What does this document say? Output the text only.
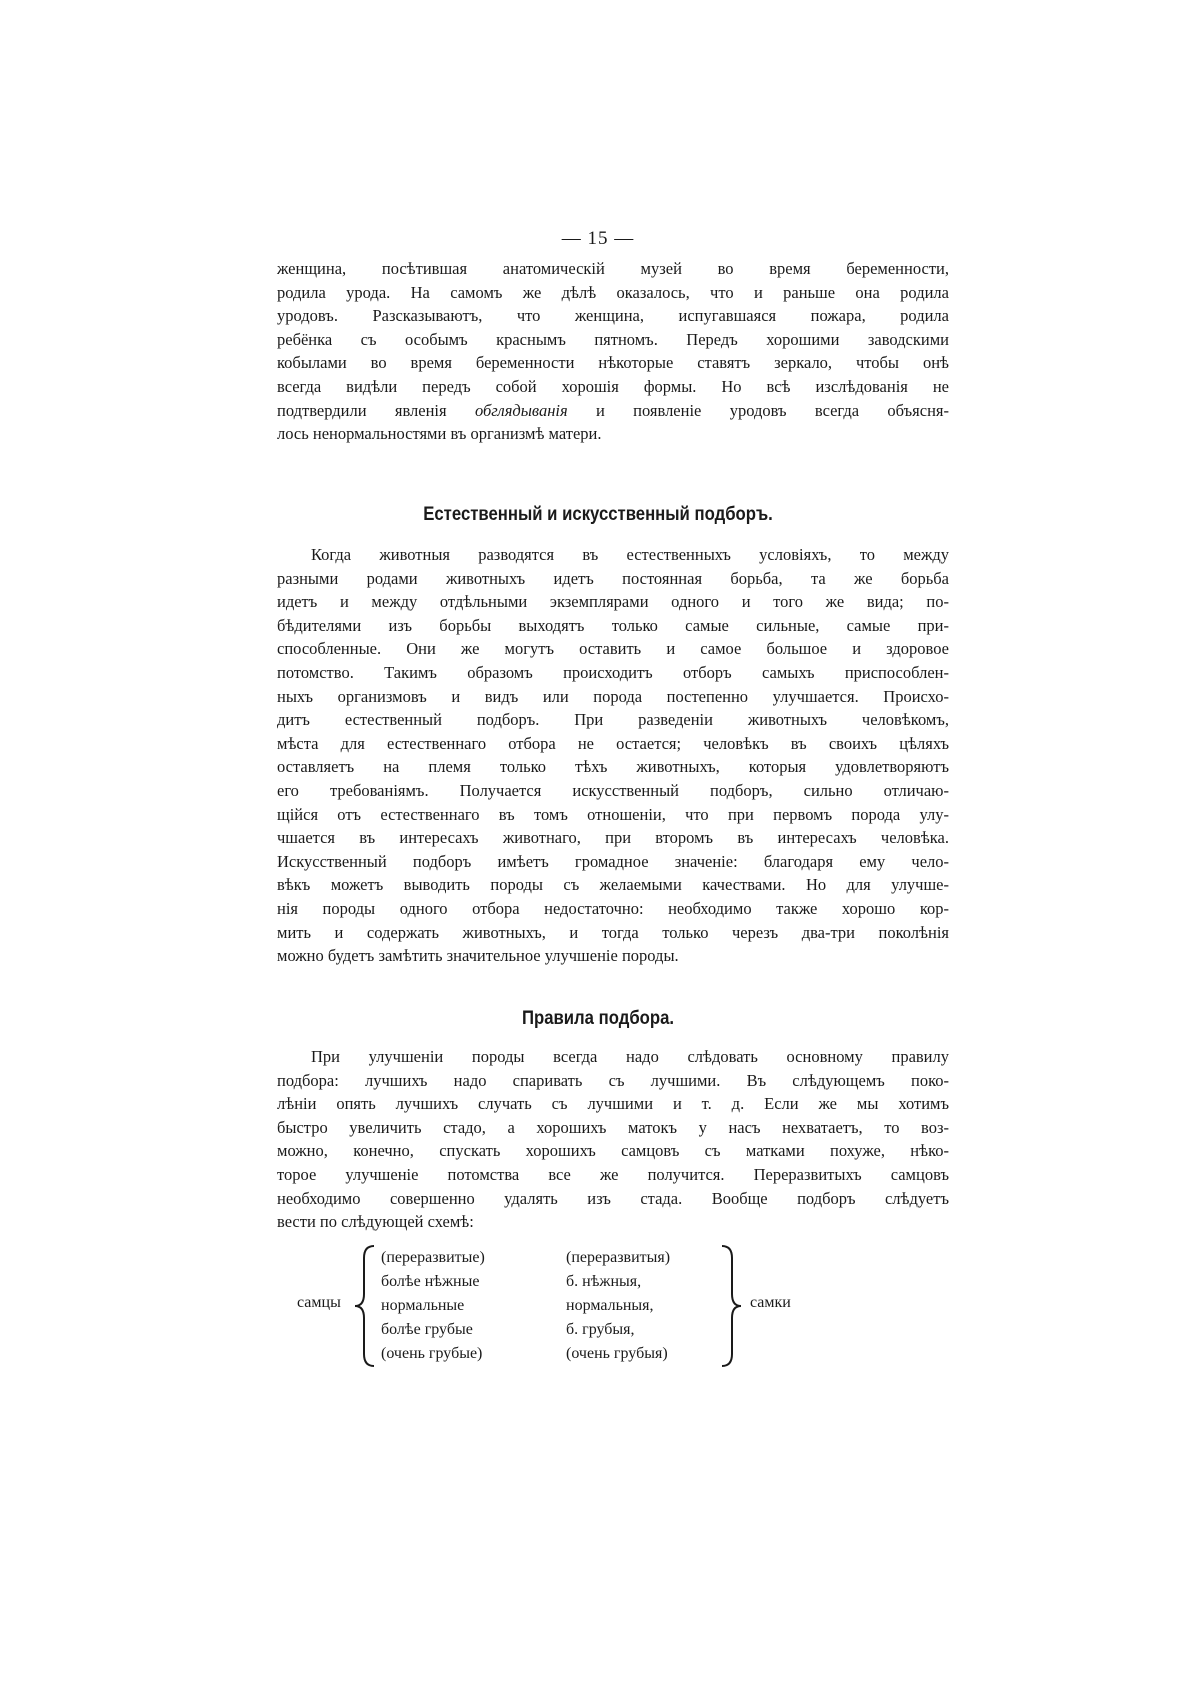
— 15 —
женщина, посѣтившая анатомическій музей во время беременности,
родила урода. На самомъ же дѣлѣ оказалось, что и раньше она родила
уродовъ. Разсказываютъ, что женщина, испугавшаяся пожара, родила
ребёнка съ особымъ краснымъ пятномъ. Передъ хорошими заводскими
кобылами во время беременности нѣкоторые ставятъ зеркало, чтобы онѣ
всегда видѣли передъ собой хорошія формы. Но всѣ изслѣдованія не
подтвердили явленія обглядыванія и появленіе уродовъ всегда объясня-
лось ненормальностями въ организмѣ матери.
Естественный и искусственный подборъ.
Когда животныя разводятся въ естественныхъ условіяхъ, то между
разными родами животныхъ идетъ постоянная борьба, та же борьба
идетъ и между отдѣльными экземплярами одного и того же вида; по-
бѣдителями изъ борьбы выходятъ только самые сильные, самые при-
способленные. Они же могутъ оставить и самое большое и здоровое
потомство. Такимъ образомъ происходитъ отборъ самыхъ приспособлен-
ныхъ организмовъ и видъ или порода постепенно улучшается. Происхо-
дитъ естественный подборъ. При разведеніи животныхъ человѣкомъ,
мѣста для естественнаго отбора не остается; человѣкъ въ своихъ цѣляхъ
оставляетъ на племя только тѣхъ животныхъ, которыя удовлетворяютъ
его требованіямъ. Получается искусственный подборъ, сильно отличаю-
щійся отъ естественнаго въ томъ отношеніи, что при первомъ порода улу-
чшается въ интересахъ животнаго, при второмъ въ интересахъ человѣка.
Искусственный подборъ имѣетъ громадное значеніе: благодаря ему чело-
вѣкъ можетъ выводить породы съ желаемыми качествами. Но для улучше-
нія породы одного отбора недостаточно: необходимо также хорошо кор-
мить и содержать животныхъ, и тогда только черезъ два-три поколѣнія
можно будетъ замѣтить значительное улучшеніе породы.
Правила подбора.
При улучшеніи породы всегда надо слѣдовать основному правилу
подбора: лучшихъ надо спаривать съ лучшими. Въ слѣдующемъ поко-
лѣніи опять лучшихъ случать съ лучшими и т. д. Если же мы хотимъ
быстро увеличить стадо, а хорошихъ матокъ у насъ нехватаетъ, то воз-
можно, конечно, спускать хорошихъ самцовъ съ матками похуже, нѣко-
торое улучшеніе потомства все же получится. Переразвитыхъ самцовъ
необходимо совершенно удалять изъ стада. Вообще подборъ слѣдуетъ
вести по слѣдующей схемѣ:
самцы
(переразвитые)
болѣе нѣжные
нормальные
болѣе грубые
(очень грубые)
(переразвитыя)
б. нѣжныя,
нормальныя,
б. грубыя,
(очень грубыя)
самки
